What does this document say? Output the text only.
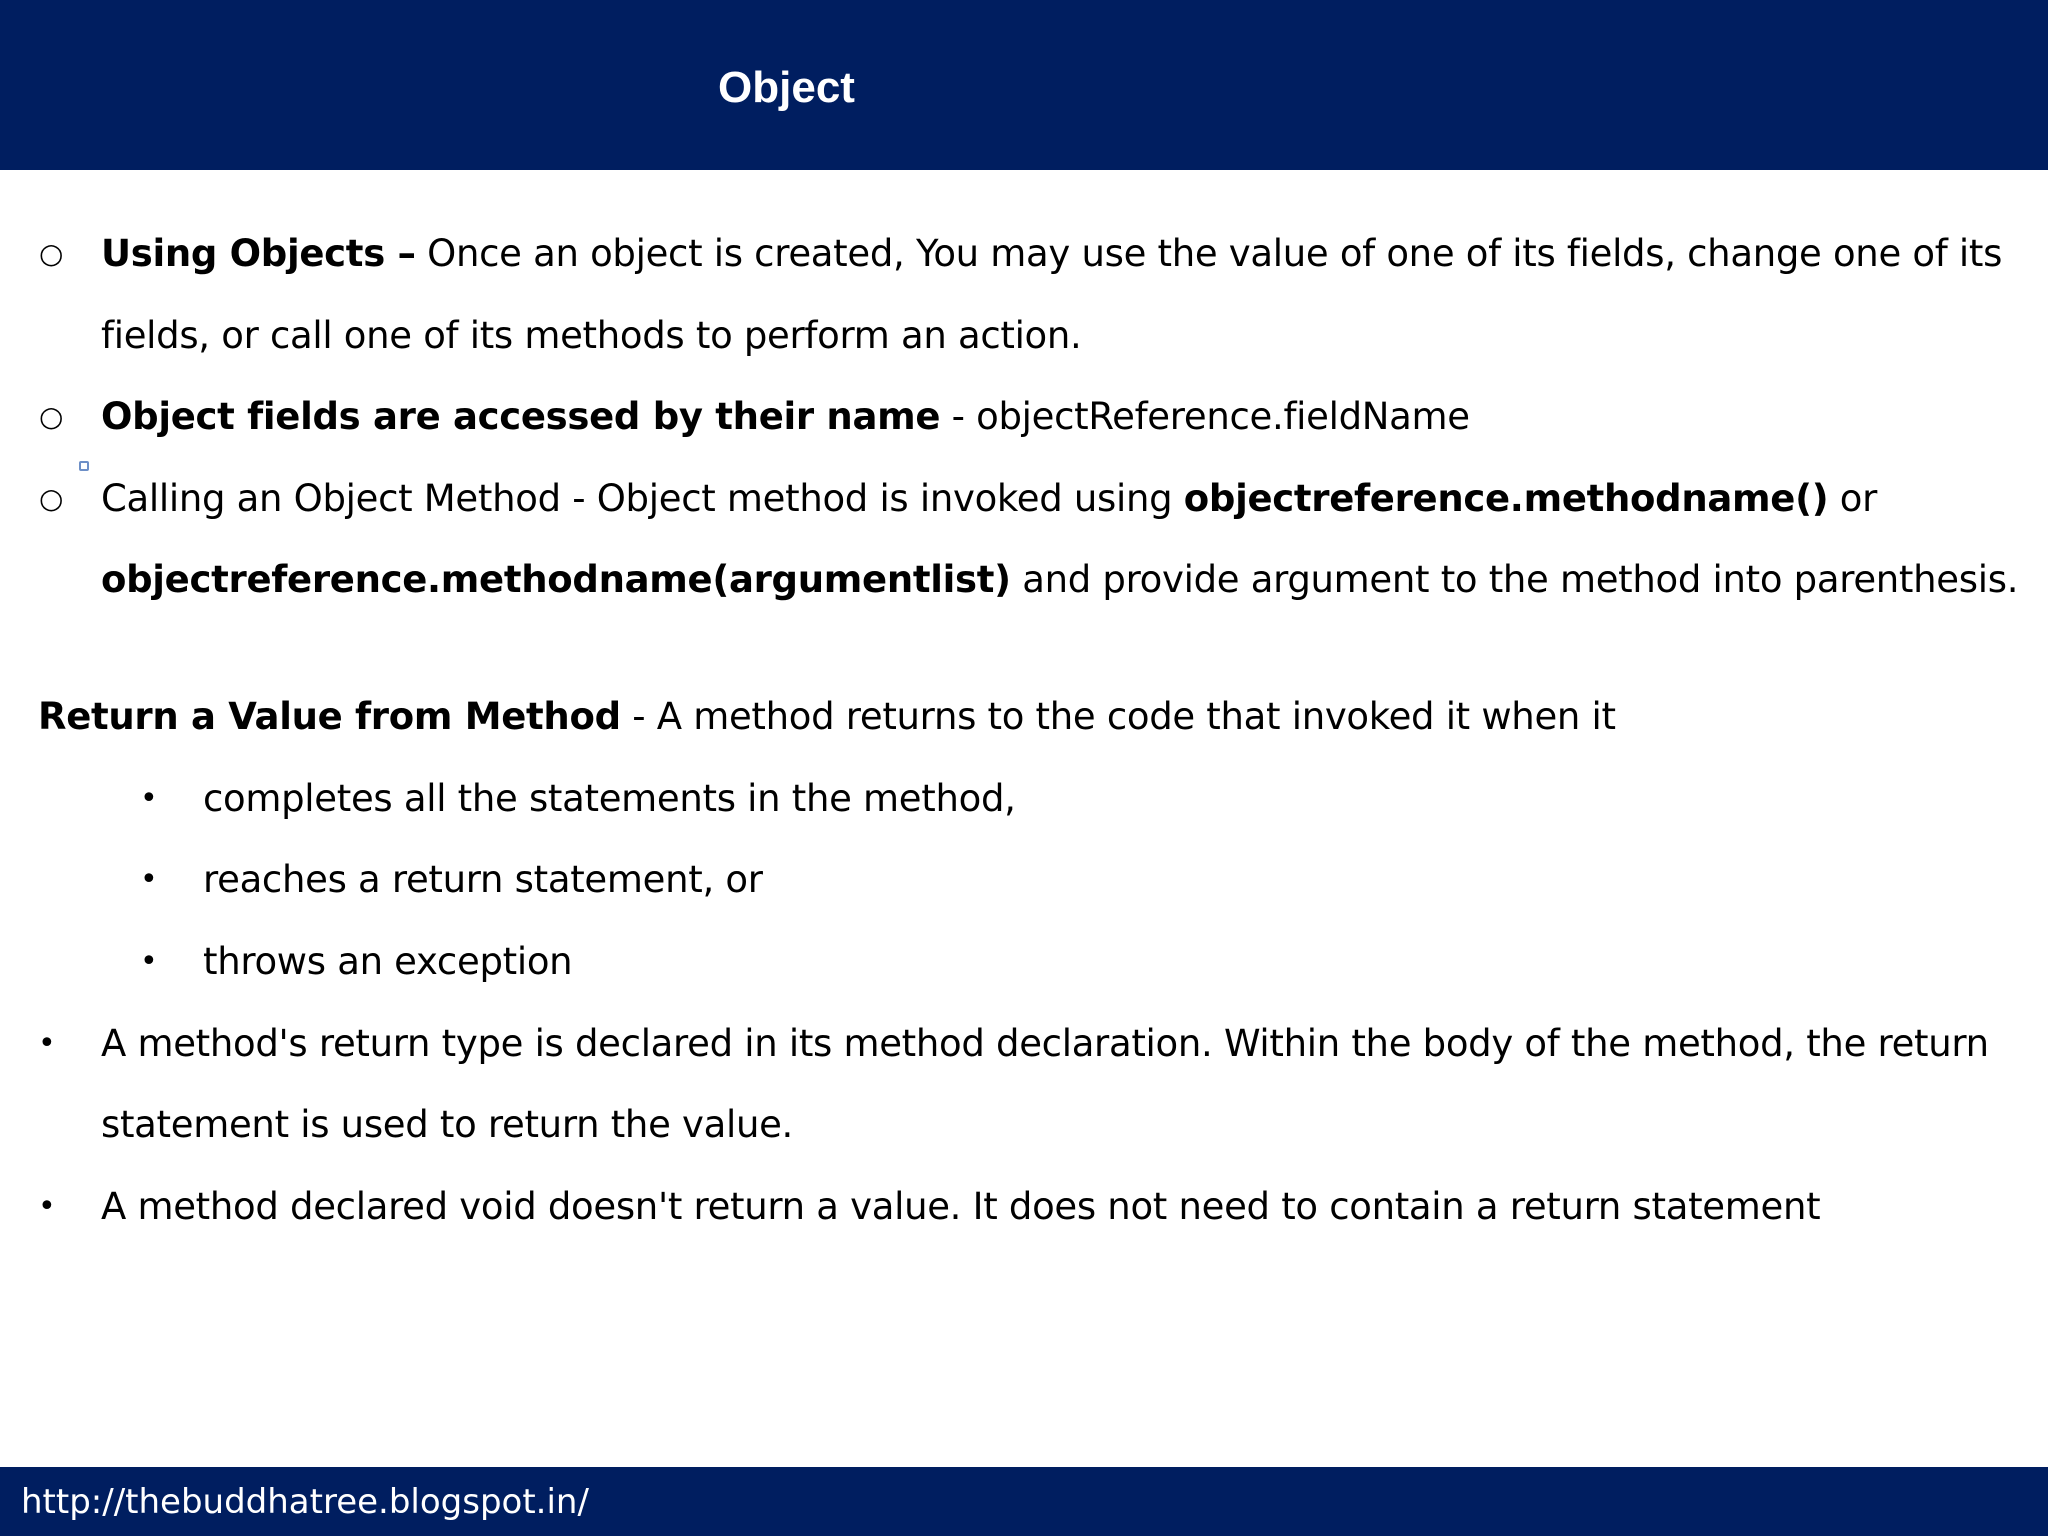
Object
○ Using Objects – Once an object is created, You may use the value of one of its fields, change one of its
fields, or call one of its methods to perform an action.
○ Object fields are accessed by their name - objectReference.fieldName
○ Calling an Object Method - Object method is invoked using objectreference.methodname() or
objectreference.methodname(argumentlist) and provide argument to the method into parenthesis.
Return a Value from Method - A method returns to the code that invoked it when it
• completes all the statements in the method,
• reaches a return statement, or
• throws an exception
• A method's return type is declared in its method declaration. Within the body of the method, the return
statement is used to return the value.
• A method declared void doesn't return a value. It does not need to contain a return statement
http://thebuddhatree.blogspot.in/
